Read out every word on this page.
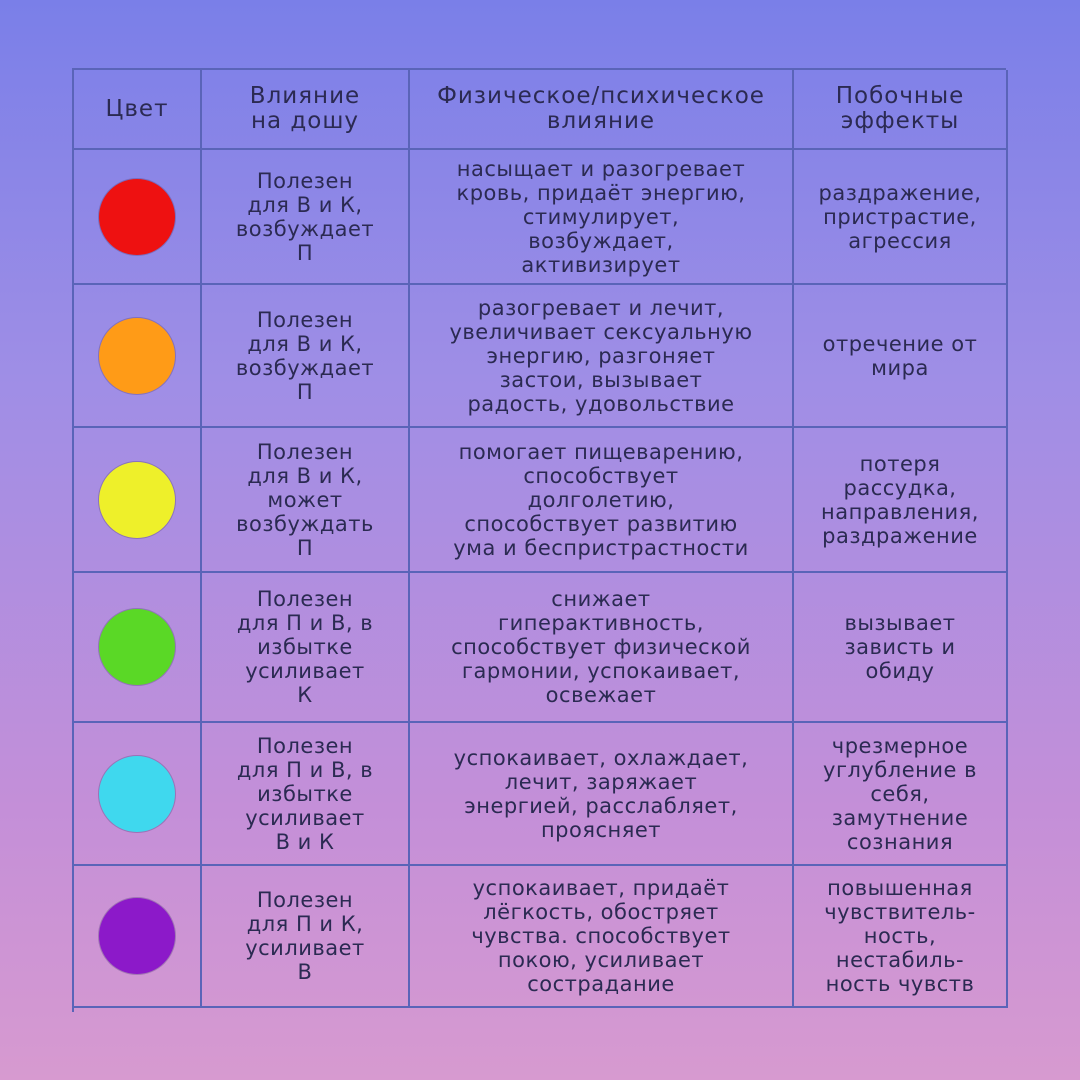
Цвет	Влияние
на дошу
Физическое/психическое
влияние
Побочные
эффекты
Полезен
для В и К,
возбуждает
П
насыщает и разогревает
кровь, придаёт энергию,
стимулирует,
возбуждает,
активизирует
раздражение,
пристрастие,
агрессия
Полезен
для В и К,
возбуждает
П
разогревает и лечит,
увеличивает сексуальную
энергию, разгоняет
застои, вызывает
радость, удовольствие
отречение от
мира
Полезен
для В и К,
может
возбуждать
П
помогает пищеварению,
способствует
долголетию,
способствует развитию
ума и беспристрастности
потеря
рассудка,
направления,
раздражение
Полезен
для П и В, в
избытке
усиливает
К
снижает
гиперактивность,
способствует физической
гармонии, успокаивает,
освежает
вызывает
зависть и
обиду
Полезен
для П и В, в
избытке
усиливает
В и К
успокаивает, охлаждает,
лечит, заряжает
энергией, расслабляет,
проясняет
чрезмерное
углубление в
себя,
замутнение
сознания
Полезен
для П и К,
усиливает
В
успокаивает, придаёт
лёгкость, обостряет
чувства. способствует
покою, усиливает
сострадание
повышенная
чувствитель-
ность,
нестабиль-
ность чувств
